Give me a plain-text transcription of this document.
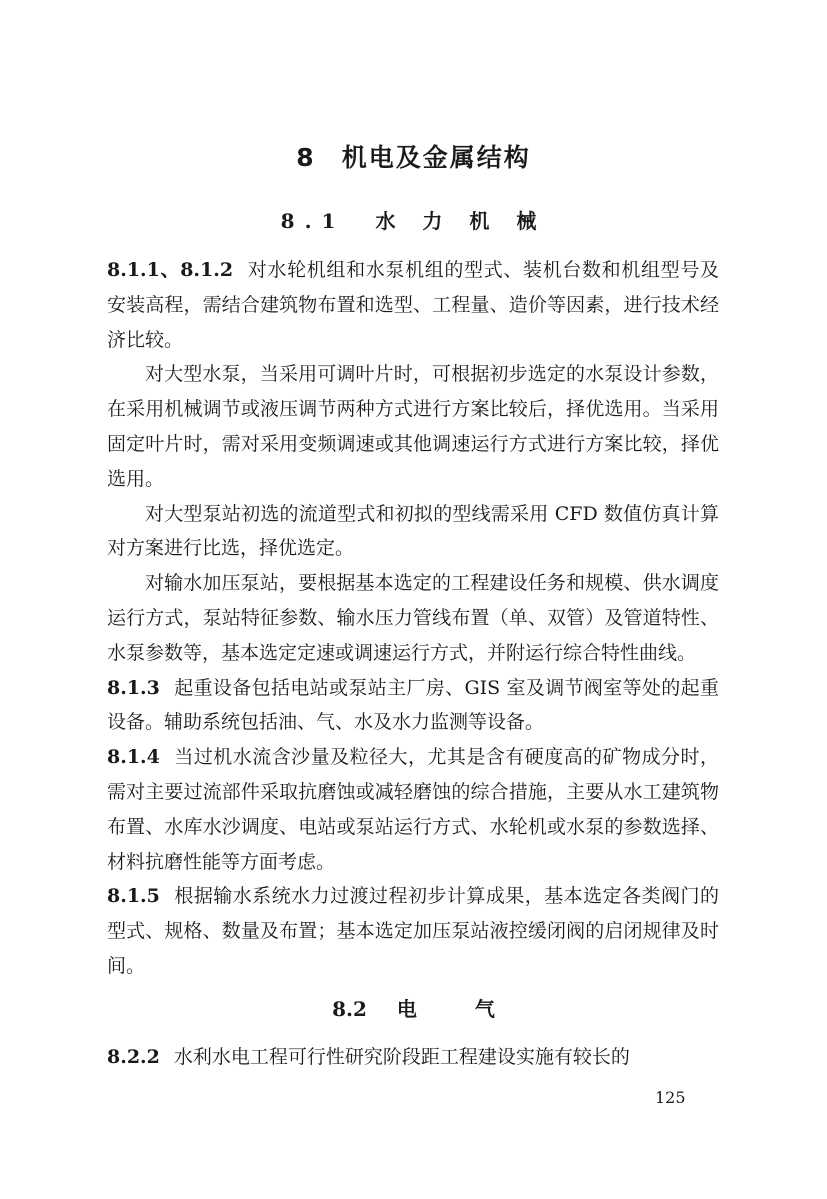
8 机电及金属结构
8.1 水 力 机 械

8.1.1、8.1.2 对水轮机组和水泵机组的型式、装机台数和机组型号及安装高程，需结合建筑物布置和选型、工程量、造价等因素，进行技术经济比较。

对大型水泵，当采用可调叶片时，可根据初步选定的水泵设计参数，在采用机械调节或液压调节两种方式进行方案比较后，择优选用。当采用固定叶片时，需对采用变频调速或其他调速运行方式进行方案比较，择优选用。

对大型泵站初选的流道型式和初拟的型线需采用 CFD 数值仿真计算对方案进行比选，择优选定。

对输水加压泵站，要根据基本选定的工程建设任务和规模、供水调度运行方式，泵站特征参数、输水压力管线布置（单、双管）及管道特性、水泵参数等，基本选定定速或调速运行方式，并附运行综合特性曲线。

8.1.3 起重设备包括电站或泵站主厂房、GIS 室及调节阀室等处的起重设备。辅助系统包括油、气、水及水力监测等设备。

8.1.4 当过机水流含沙量及粒径大，尤其是含有硬度高的矿物成分时，需对主要过流部件采取抗磨蚀或减轻磨蚀的综合措施，主要从水工建筑物布置、水库水沙调度、电站或泵站运行方式、水轮机或水泵的参数选择、材料抗磨性能等方面考虑。

8.1.5 根据输水系统水力过渡过程初步计算成果，基本选定各类阀门的型式、规格、数量及布置；基本选定加压泵站液控缓闭阀的启闭规律及时间。

8.2 电	气
8.2.2 水利水电工程可行性研究阶段距工程建设实施有较长的
125
